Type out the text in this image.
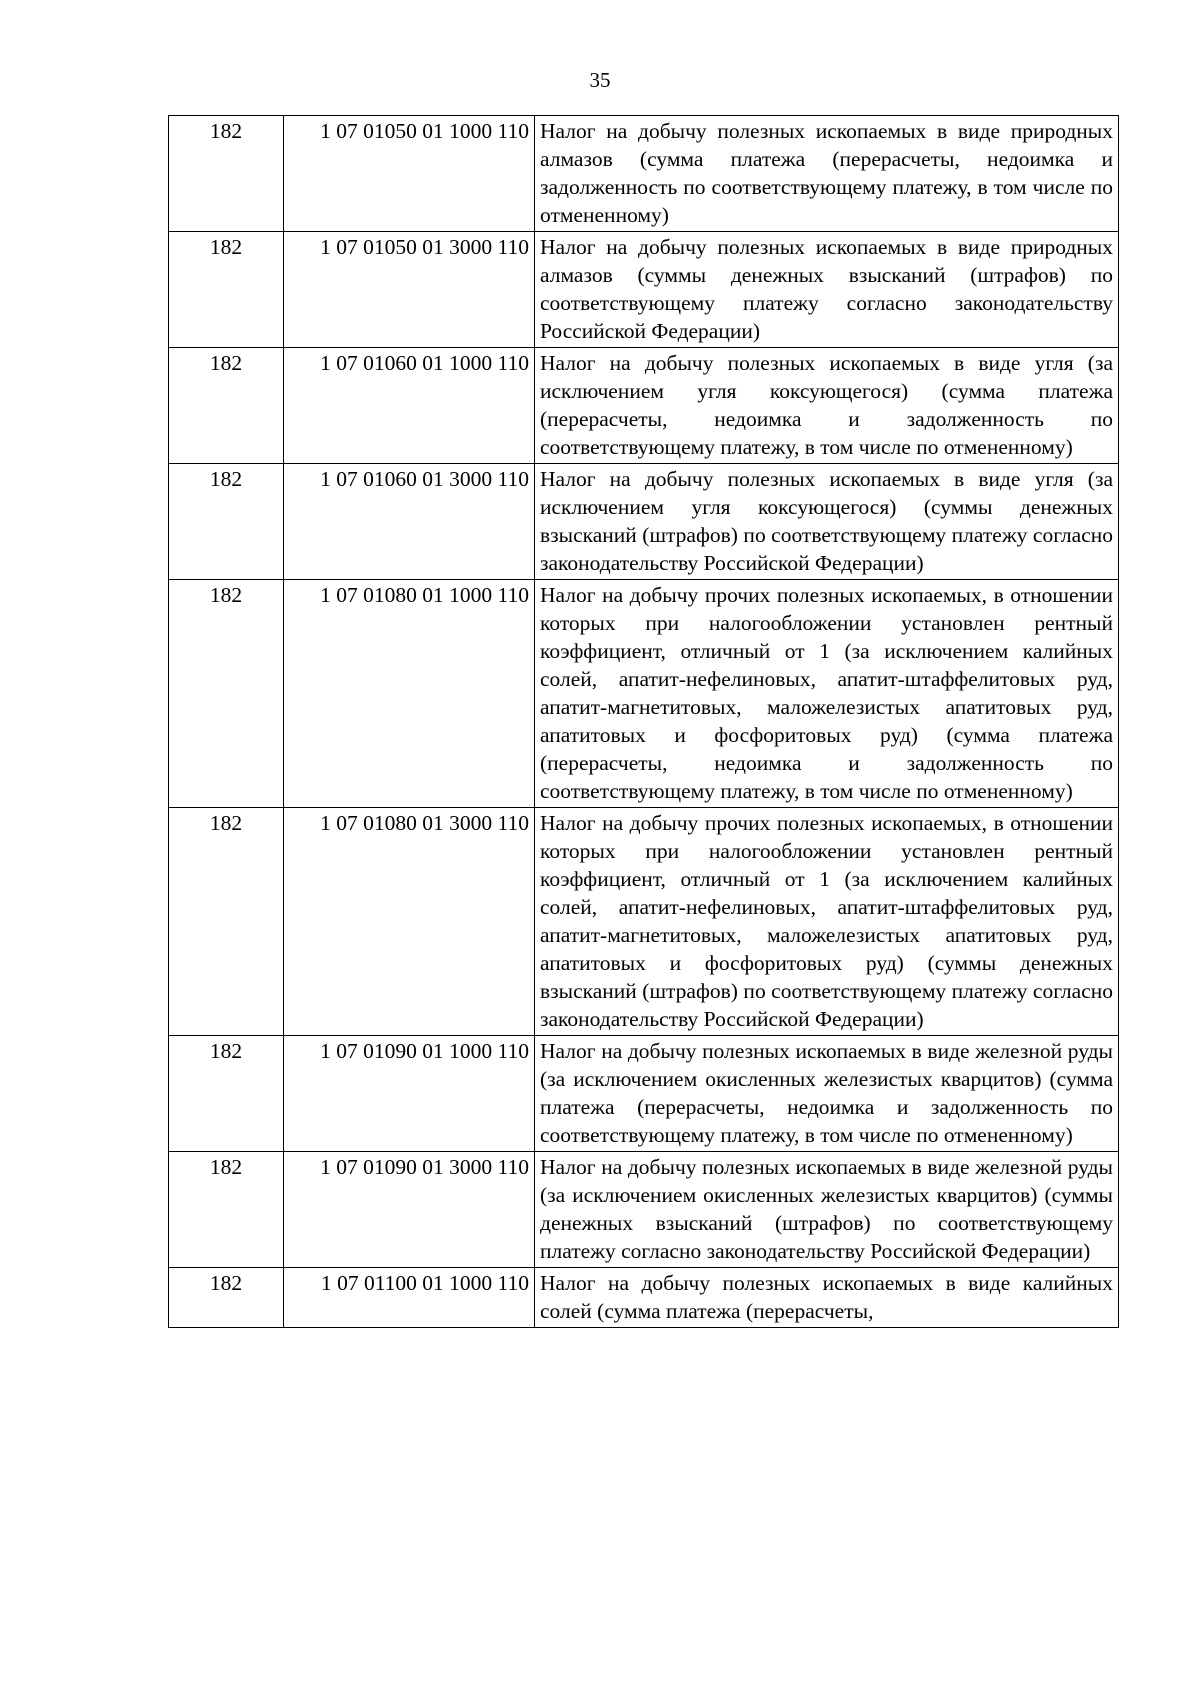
35
182	1 07 01050 01 1000 110	Налог на добычу полезных ископаемых в виде природных алмазов (сумма платежа (перерасчеты, недоимка и задолженность по соответствующему платежу, в том числе по отмененному)
182	1 07 01050 01 3000 110	Налог на добычу полезных ископаемых в виде природных алмазов (суммы денежных взысканий (штрафов) по соответствующему платежу согласно законодательству Российской Федерации)
182	1 07 01060 01 1000 110	Налог на добычу полезных ископаемых в виде угля (за исключением угля коксующегося) (сумма платежа (перерасчеты, недоимка и задолженность по соответствующему платежу, в том числе по отмененному)
182	1 07 01060 01 3000 110	Налог на добычу полезных ископаемых в виде угля (за исключением угля коксующегося) (суммы денежных взысканий (штрафов) по соответствующему платежу согласно законодательству Российской Федерации)
182	1 07 01080 01 1000 110	Налог на добычу прочих полезных ископаемых, в отношении которых при налогообложении установлен рентный коэффициент, отличный от 1 (за исключением калийных солей, апатит-нефелиновых, апатит-штаффелитовых руд, апатит-магнетитовых, маложелезистых апатитовых руд, апатитовых и фосфоритовых руд) (сумма платежа (перерасчеты, недоимка и задолженность по соответствующему платежу, в том числе по отмененному)
182	1 07 01080 01 3000 110	Налог на добычу прочих полезных ископаемых, в отношении которых при налогообложении установлен рентный коэффициент, отличный от 1 (за исключением калийных солей, апатит-нефелиновых, апатит-штаффелитовых руд, апатит-магнетитовых, маложелезистых апатитовых руд, апатитовых и фосфоритовых руд) (суммы денежных взысканий (штрафов) по соответствующему платежу согласно законодательству Российской Федерации)
182	1 07 01090 01 1000 110	Налог на добычу полезных ископаемых в виде железной руды (за исключением окисленных железистых кварцитов) (сумма платежа (перерасчеты, недоимка и задолженность по соответствующему платежу, в том числе по отмененному)
182	1 07 01090 01 3000 110	Налог на добычу полезных ископаемых в виде железной руды (за исключением окисленных железистых кварцитов) (суммы денежных взысканий (штрафов) по соответствующему платежу согласно законодательству Российской Федерации)
182	1 07 01100 01 1000 110	Налог на добычу полезных ископаемых в виде калийных солей (сумма платежа (перерасчеты,
